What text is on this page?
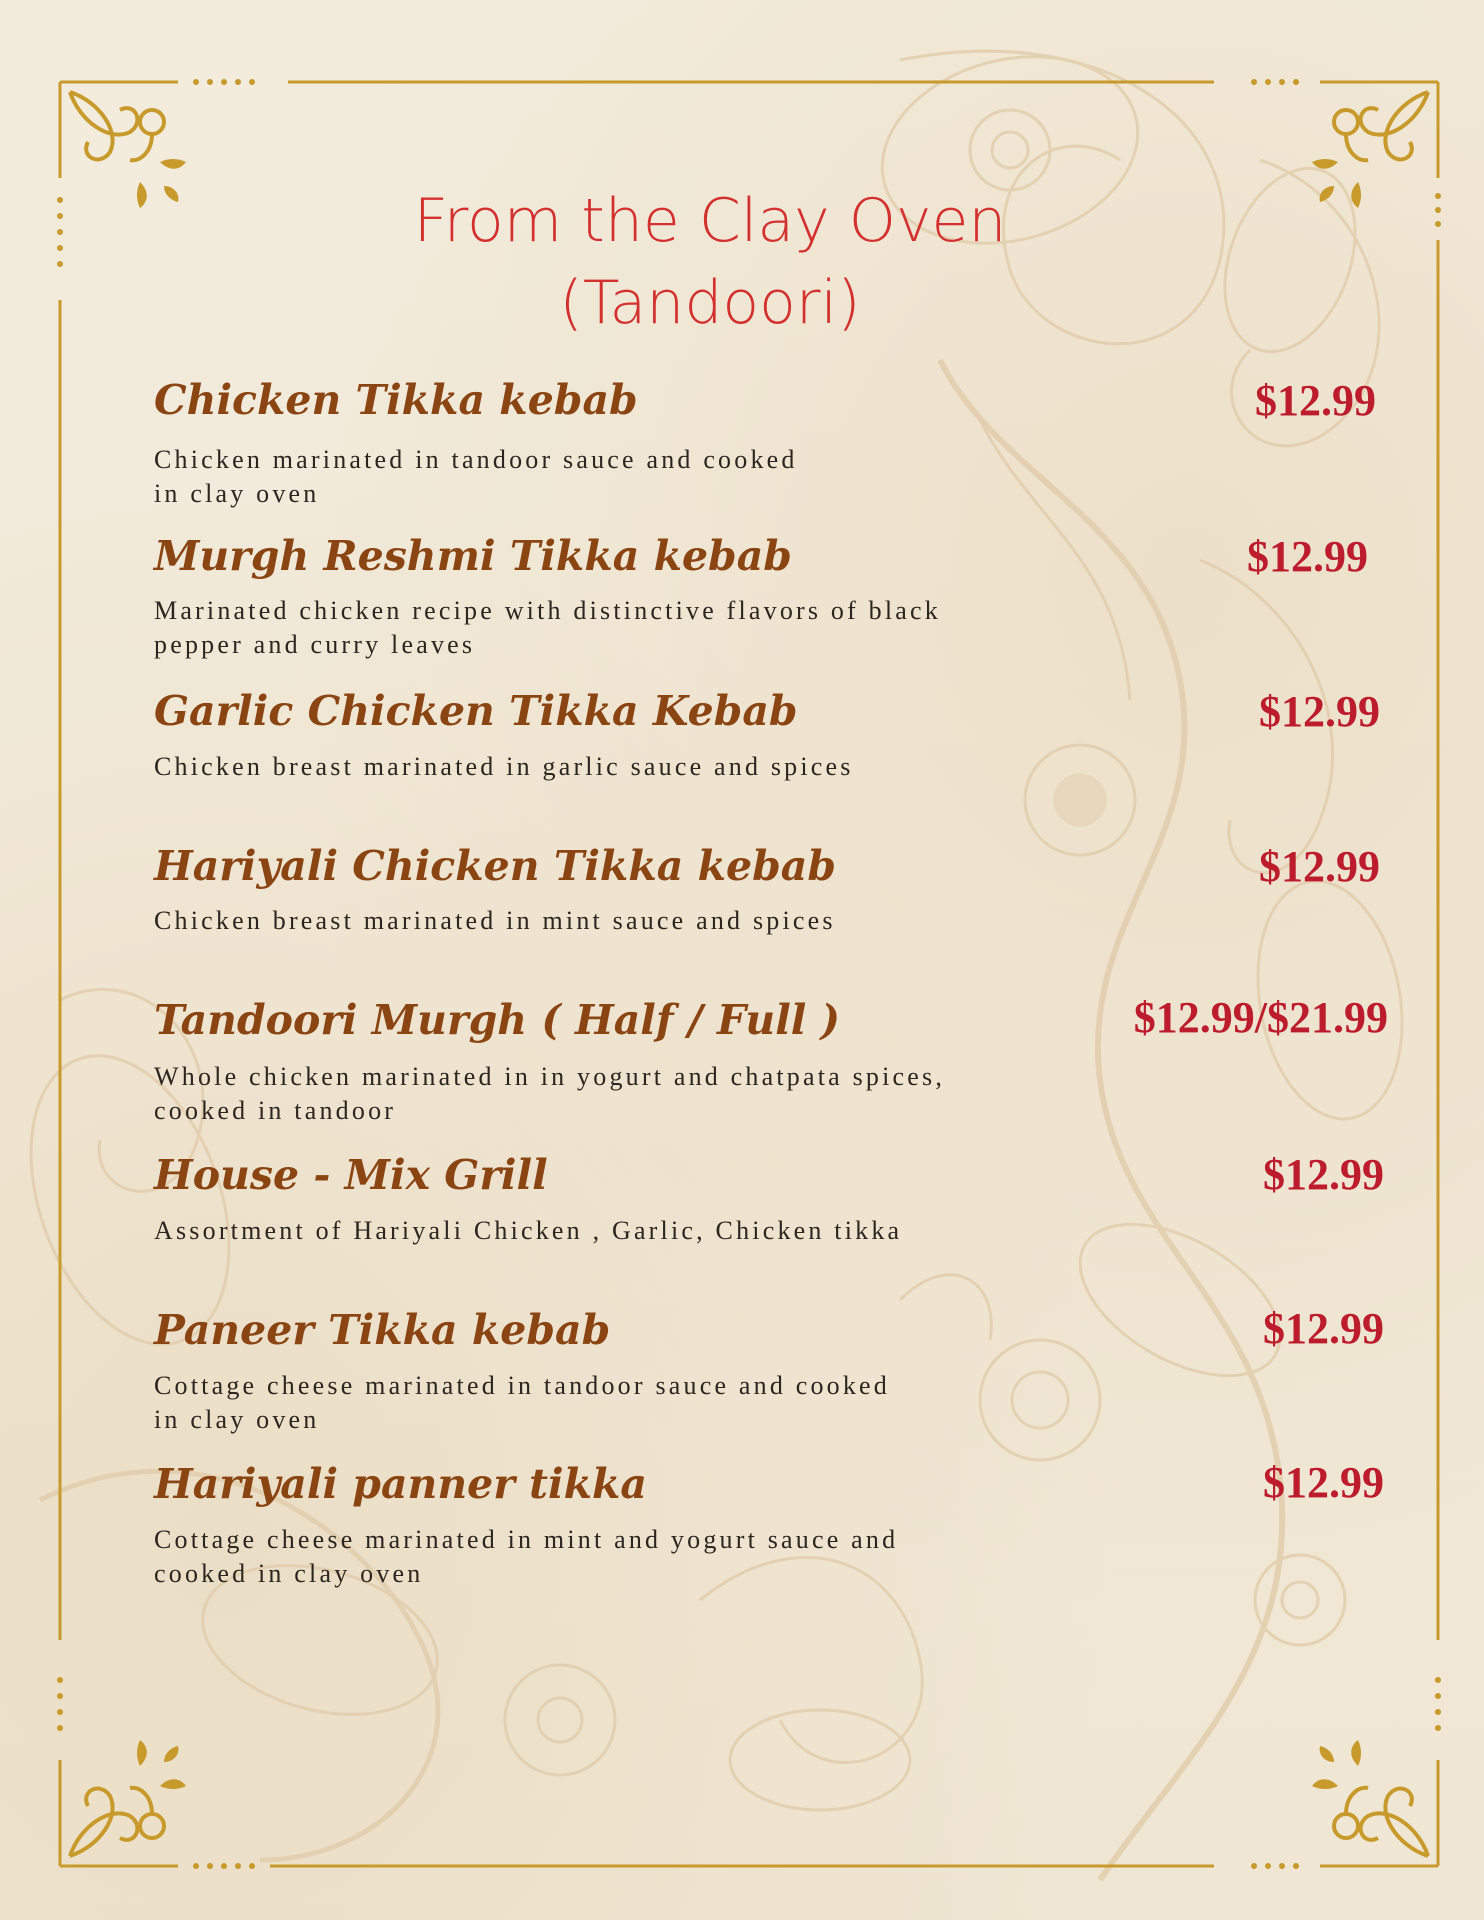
From the Clay Oven
(Tandoori)

Chicken Tikka kebab	$12.99

Chicken marinated in tandoor sauce and cooked
in clay oven

Murgh Reshmi Tikka kebab	$12.99

Marinated chicken recipe with distinctive flavors of black
pepper and curry leaves

Garlic Chicken Tikka Kebab	$12.99

Chicken breast marinated in garlic sauce and spices

Hariyali Chicken Tikka kebab	$12.99

Chicken breast marinated in mint sauce and spices

Tandoori Murgh ( Half / Full )	$12.99/$21.99

Whole chicken marinated in in yogurt and chatpata spices,
cooked in tandoor

House - Mix Grill	$12.99

Assortment of Hariyali Chicken , Garlic, Chicken tikka

Paneer Tikka kebab	$12.99

Cottage cheese marinated in tandoor sauce and cooked
in clay oven

Hariyali panner tikka	$12.99

Cottage cheese marinated in mint and yogurt sauce and
cooked in clay oven
